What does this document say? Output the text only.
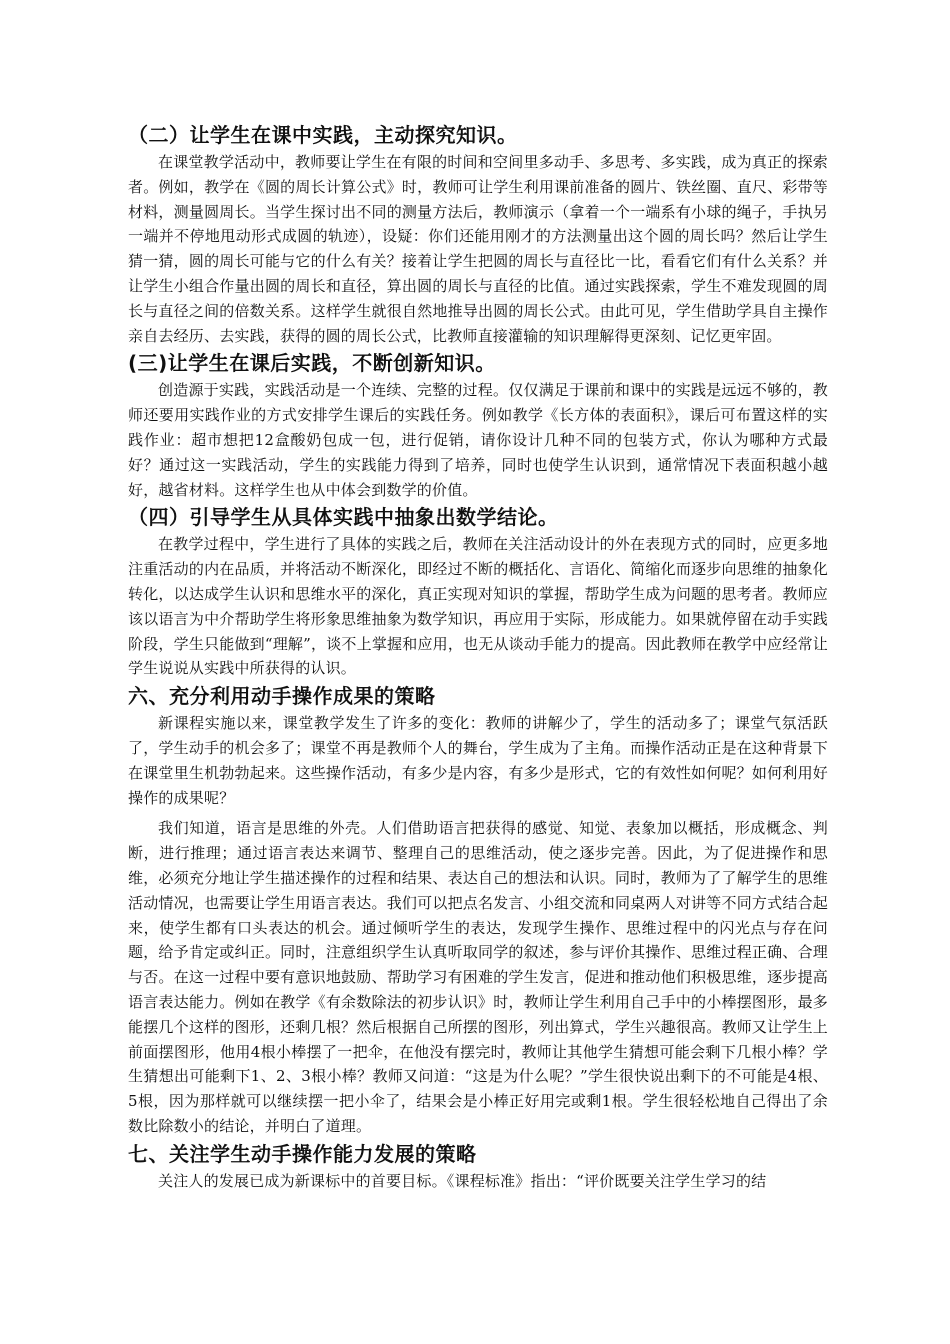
（二）让学生在课中实践，主动探究知识。

在课堂教学活动中，教师要让学生在有限的时间和空间里多动手、多思考、多实践，成为真正的探索者。例如，教学在《圆的周长计算公式》时，教师可让学生利用课前准备的圆片、铁丝圈、直尺、彩带等材料，测量圆周长。当学生探讨出不同的测量方法后，教师演示（拿着一个一端系有小球的绳子，手执另一端并不停地甩动形式成圆的轨迹），设疑：你们还能用刚才的方法测量出这个圆的周长吗？然后让学生猜一猜，圆的周长可能与它的什么有关？接着让学生把圆的周长与直径比一比，看看它们有什么关系？并让学生小组合作量出圆的周长和直径，算出圆的周长与直径的比值。通过实践探索，学生不难发现圆的周长与直径之间的倍数关系。这样学生就很自然地推导出圆的周长公式。由此可见，学生借助学具自主操作亲自去经历、去实践，获得的圆的周长公式，比教师直接灌输的知识理解得更深刻、记忆更牢固。

(三)让学生在课后实践，不断创新知识。

创造源于实践，实践活动是一个连续、完整的过程。仅仅满足于课前和课中的实践是远远不够的，教师还要用实践作业的方式安排学生课后的实践任务。例如教学《长方体的表面积》，课后可布置这样的实践作业：超市想把12盒酸奶包成一包，进行促销，请你设计几种不同的包装方式，你认为哪种方式最好？通过这一实践活动，学生的实践能力得到了培养，同时也使学生认识到，通常情况下表面积越小越好，越省材料。这样学生也从中体会到数学的价值。

（四）引导学生从具体实践中抽象出数学结论。

在教学过程中，学生进行了具体的实践之后，教师在关注活动设计的外在表现方式的同时，应更多地注重活动的内在品质，并将活动不断深化，即经过不断的概括化、言语化、简缩化而逐步向思维的抽象化转化，以达成学生认识和思维水平的深化，真正实现对知识的掌握，帮助学生成为问题的思考者。教师应该以语言为中介帮助学生将形象思维抽象为数学知识，再应用于实际，形成能力。如果就停留在动手实践阶段，学生只能做到“理解”，谈不上掌握和应用，也无从谈动手能力的提高。因此教师在教学中应经常让学生说说从实践中所获得的认识。

六、充分利用动手操作成果的策略

新课程实施以来，课堂教学发生了许多的变化：教师的讲解少了，学生的活动多了；课堂气氛活跃了，学生动手的机会多了；课堂不再是教师个人的舞台，学生成为了主角。而操作活动正是在这种背景下在课堂里生机勃勃起来。这些操作活动，有多少是内容，有多少是形式，它的有效性如何呢？如何利用好操作的成果呢？

我们知道，语言是思维的外壳。人们借助语言把获得的感觉、知觉、表象加以概括，形成概念、判断，进行推理；通过语言表达来调节、整理自己的思维活动，使之逐步完善。因此，为了促进操作和思维，必须充分地让学生描述操作的过程和结果、表达自己的想法和认识。同时，教师为了了解学生的思维活动情况，也需要让学生用语言表达。我们可以把点名发言、小组交流和同桌两人对讲等不同方式结合起来，使学生都有口头表达的机会。通过倾听学生的表达，发现学生操作、思维过程中的闪光点与存在问题，给予肯定或纠正。同时，注意组织学生认真听取同学的叙述，参与评价其操作、思维过程正确、合理与否。在这一过程中要有意识地鼓励、帮助学习有困难的学生发言，促进和推动他们积极思维，逐步提高语言表达能力。例如在教学《有余数除法的初步认识》时，教师让学生利用自己手中的小棒摆图形，最多能摆几个这样的图形，还剩几根？然后根据自己所摆的图形，列出算式，学生兴趣很高。教师又让学生上前面摆图形，他用4根小棒摆了一把伞，在他没有摆完时，教师让其他学生猜想可能会剩下几根小棒？学生猜想出可能剩下1、2、3根小棒？教师又问道：“这是为什么呢？”学生很快说出剩下的不可能是4根、5根，因为那样就可以继续摆一把小伞了，结果会是小棒正好用完或剩1根。学生很轻松地自己得出了余数比除数小的结论，并明白了道理。

七、关注学生动手操作能力发展的策略

关注人的发展已成为新课标中的首要目标。《课程标准》指出：“评价既要关注学生学习的结
